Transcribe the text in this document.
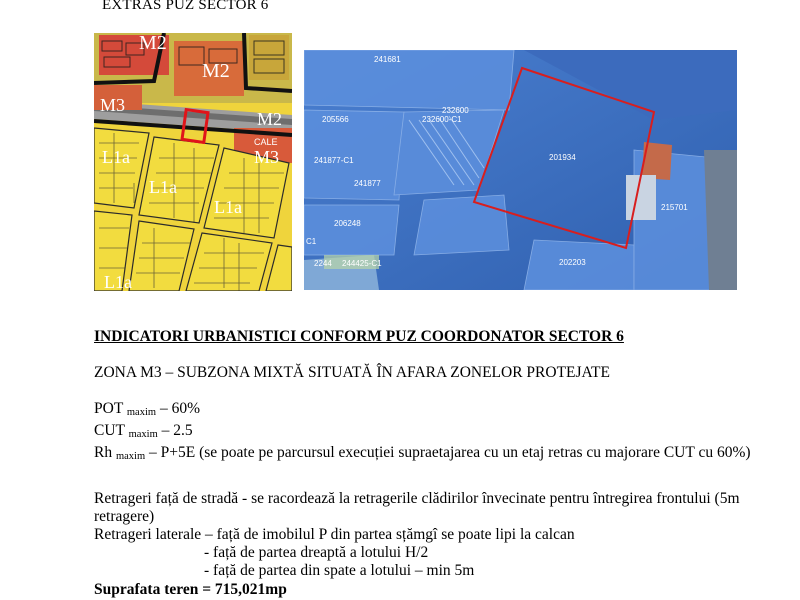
EXTRAS PUZ SECTOR 6
M2
M2
M3
M2
M3
L1a
L1a
L1a
L1a
CALE
201934
215701
202203
206248
241877
241877-C1
205566
232600
232600-C1
241681
244425-C1
2244
C1
INDICATORI URBANISTICI CONFORM PUZ COORDONATOR SECTOR 6
ZONA M3 – SUBZONA MIXTĂ SITUATĂ ÎN AFARA ZONELOR PROTEJATE
POT maxim – 60%
CUT maxim – 2.5
Rh maxim – P+5E (se poate pe parcursul execuției supraetajarea cu un etaj retras cu majorare CUT cu 60%)

Retrageri față de stradă - se racordează la retragerile clădirilor învecinate pentru întregirea frontului (5m retragere)

Retrageri laterale – față de imobilul P din partea sțămgî se poate lipi la calcan

- față de partea dreaptă a lotului H/2

- față de partea din spate a lotului – min 5m

Suprafata teren = 715,021mp
